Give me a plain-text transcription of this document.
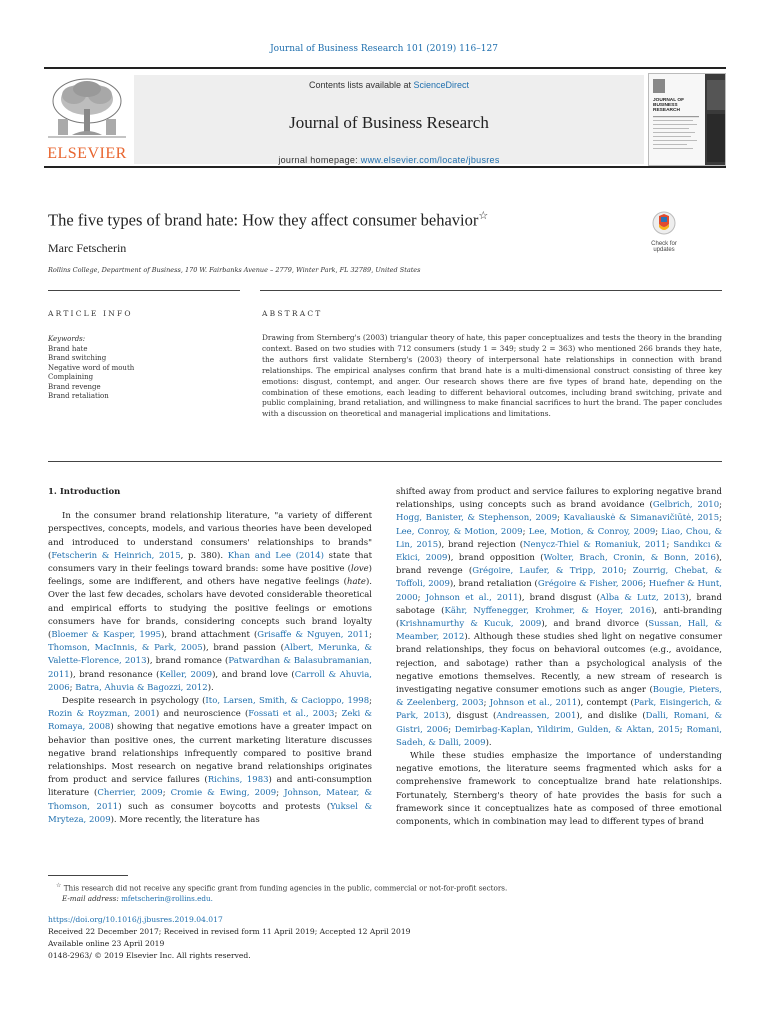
Journal of Business Research 101 (2019) 116–127
ELSEVIER
Contents lists available at ScienceDirect
Journal of Business Research
journal homepage: www.elsevier.com/locate/jbusres
JOURNAL OF
BUSINESS
RESEARCH
The five types of brand hate: How they affect consumer behavior☆
Check for
updates
Marc Fetscherin
Rollins College, Department of Business, 170 W. Fairbanks Avenue – 2779, Winter Park, FL 32789, United States
ARTICLE INFO	ABSTRACT
Keywords:
Brand hate
Brand switching
Negative word of mouth
Complaining
Brand revenge
Brand retaliation
Drawing from Sternberg's (2003) triangular theory of hate, this paper conceptualizes and tests the theory in the branding context. Based on two studies with 712 consumers (study 1 = 349; study 2 = 363) who mentioned 266 brands they hate, the authors first validate Sternberg's (2003) theory of interpersonal hate relationships in connection with brand relationships. The empirical analyses confirm that brand hate is a multi-dimensional construct consisting of three key emotions: disgust, contempt, and anger. Our research shows there are five types of brand hate, depending on the combination of these emotions, each leading to different behavioral outcomes, including brand switching, private and public complaining, brand retaliation, and willingness to make financial sacrifices to hurt the brand. The paper concludes with a discussion on theoretical and managerial implications and limitations.
1. Introduction
In the consumer brand relationship literature, "a variety of different perspectives, concepts, models, and various theories have been developed and introduced to understand consumers' relationships to brands" (Fetscherin & Heinrich, 2015, p. 380). Khan and Lee (2014) state that consumers vary in their feelings toward brands: some have positive (love) feelings, some are indifferent, and others have negative feelings (hate). Over the last few decades, scholars have devoted considerable theoretical and empirical efforts to studying the positive feelings or emotions consumers have for brands, considering concepts such brand loyalty (Bloemer & Kasper, 1995), brand attachment (Grisaffe & Nguyen, 2011; Thomson, MacInnis, & Park, 2005), brand passion (Albert, Merunka, & Valette-Florence, 2013), brand romance (Patwardhan & Balasubramanian, 2011), brand resonance (Keller, 2009), and brand love (Carroll & Ahuvia, 2006; Batra, Ahuvia & Bagozzi, 2012).
Despite research in psychology (Ito, Larsen, Smith, & Cacioppo, 1998; Rozin & Royzman, 2001) and neuroscience (Fossati et al., 2003; Zeki & Romaya, 2008) showing that negative emotions have a greater impact on behavior than positive ones, the current marketing literature discusses negative brand relationships infrequently compared to positive brand relationships. Most research on negative brand relationships originates from product and service failures (Richins, 1983) and anti-consumption literature (Cherrier, 2009; Cromie & Ewing, 2009; Johnson, Matear, & Thomson, 2011) such as consumer boycotts and protests (Yuksel & Mryteza, 2009). More recently, the literature has
shifted away from product and service failures to exploring negative brand relationships, using concepts such as brand avoidance (Gelbrich, 2010; Hogg, Banister, & Stephenson, 2009; Kavaliauskė & Simanavičiūtė, 2015; Lee, Conroy, & Motion, 2009; Lee, Motion, & Conroy, 2009; Liao, Chou, & Lin, 2015), brand rejection (Nenycz-Thiel & Romaniuk, 2011; Sandıkcı & Ekici, 2009), brand opposition (Wolter, Brach, Cronin, & Bonn, 2016), brand revenge (Grégoire, Laufer, & Tripp, 2010; Zourrig, Chebat, & Toffoli, 2009), brand retaliation (Grégoire & Fisher, 2006; Huefner & Hunt, 2000; Johnson et al., 2011), brand disgust (Alba & Lutz, 2013), brand sabotage (Kähr, Nyffenegger, Krohmer, & Hoyer, 2016), anti-branding (Krishnamurthy & Kucuk, 2009), and brand divorce (Sussan, Hall, & Meamber, 2012). Although these studies shed light on negative consumer brand relationships, they focus on behavioral outcomes (e.g., avoidance, rejection, and sabotage) rather than a psychological analysis of the negative emotions themselves. Recently, a new stream of research is investigating negative consumer emotions such as anger (Bougie, Pieters, & Zeelenberg, 2003; Johnson et al., 2011), contempt (Park, Eisingerich, & Park, 2013), disgust (Andreassen, 2001), and dislike (Dalli, Romani, & Gistri, 2006; Demirbag-Kaplan, Yildirim, Gulden, & Aktan, 2015; Romani, Sadeh, & Dalli, 2009).
While these studies emphasize the importance of understanding negative emotions, the literature seems fragmented which asks for a comprehensive framework to conceptualize brand hate relationships. Fortunately, Sternberg's theory of hate provides the basis for such a framework since it conceptualizes hate as composed of three emotional components, which in combination may lead to different types of brand
☆ This research did not receive any specific grant from funding agencies in the public, commercial or not-for-profit sectors.
E-mail address: mfetscherin@rollins.edu.
https://doi.org/10.1016/j.jbusres.2019.04.017
Received 22 December 2017; Received in revised form 11 April 2019; Accepted 12 April 2019
Available online 23 April 2019
0148-2963/ © 2019 Elsevier Inc. All rights reserved.
